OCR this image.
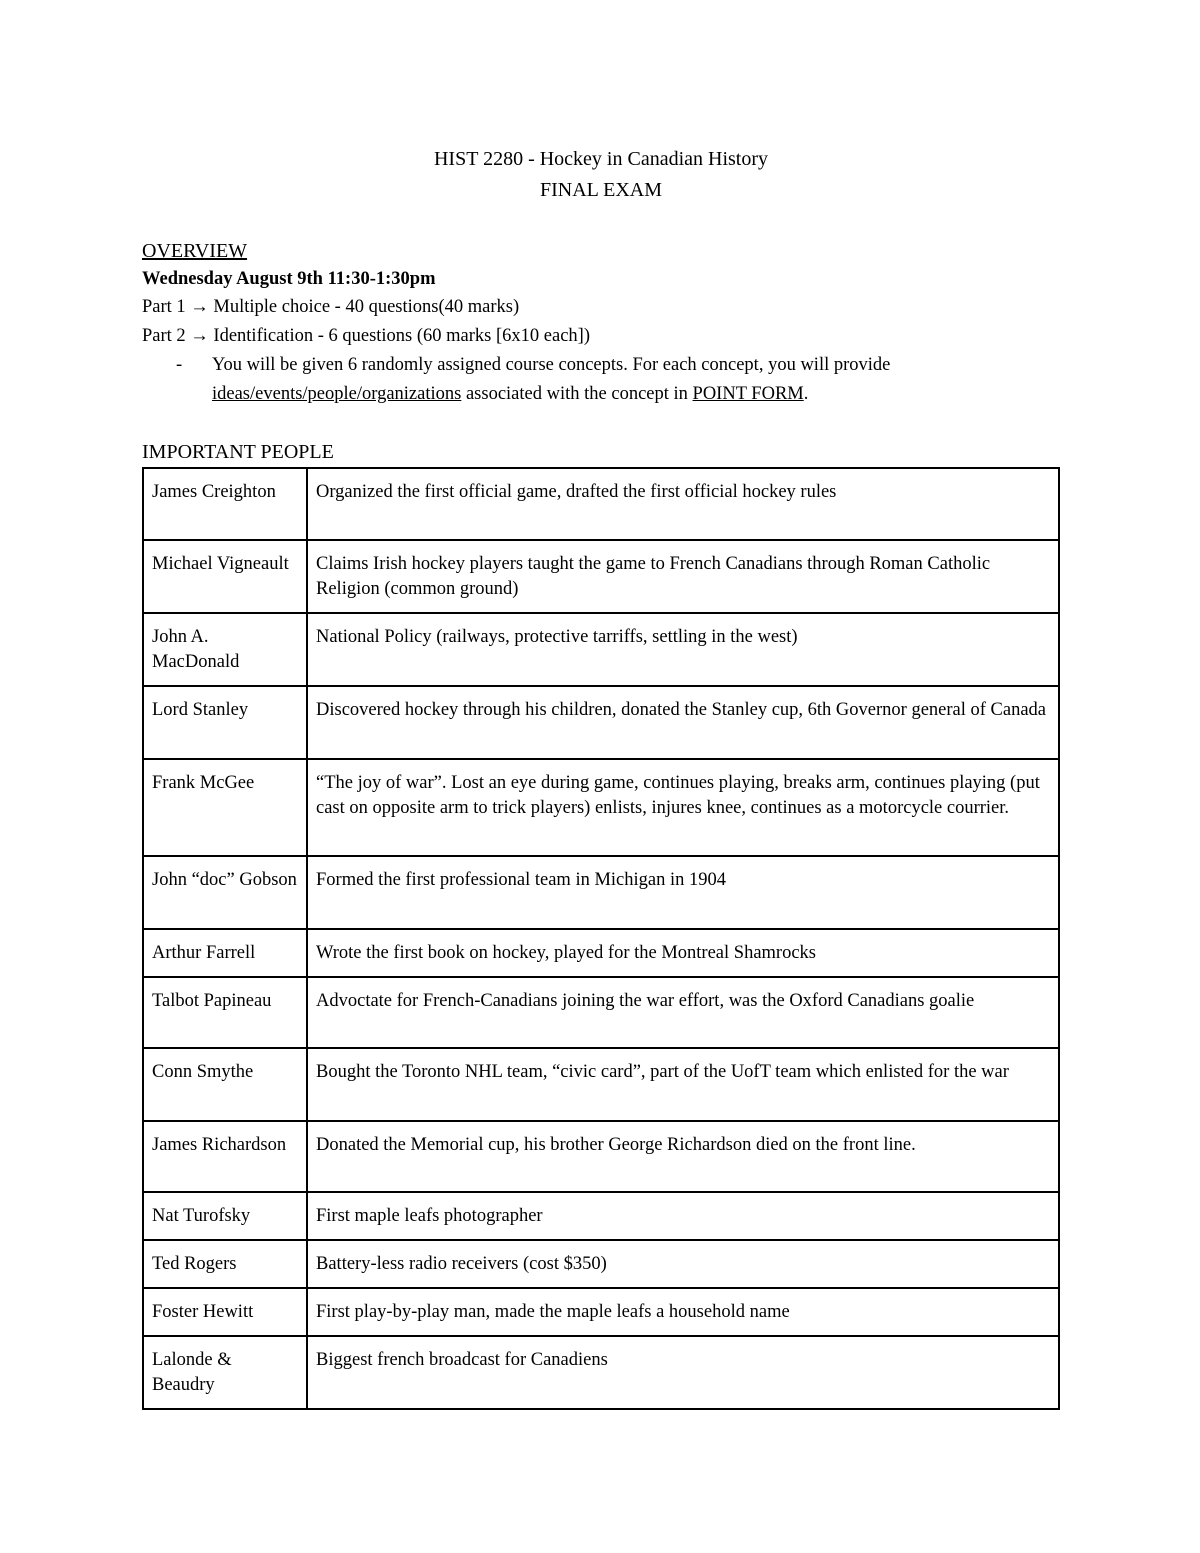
HIST 2280 - Hockey in Canadian History
FINAL EXAM
OVERVIEW
Wednesday August 9th 11:30-1:30pm
Part 1 → Multiple choice - 40 questions(40 marks)
Part 2 → Identification - 6 questions (60 marks [6x10 each])
- You will be given 6 randomly assigned course concepts. For each concept, you will provide ideas/events/people/organizations associated with the concept in POINT FORM.
IMPORTANT PEOPLE
James Creighton	Organized the first official game, drafted the first official hockey rules
Michael Vigneault	Claims Irish hockey players taught the game to French Canadians through Roman Catholic Religion (common ground)
John A. MacDonald	National Policy (railways, protective tarriffs, settling in the west)
Lord Stanley	Discovered hockey through his children, donated the Stanley cup, 6th Governor general of Canada
Frank McGee	“The joy of war”. Lost an eye during game, continues playing, breaks arm, continues playing (put cast on opposite arm to trick players) enlists, injures knee, continues as a motorcycle courrier.
John “doc” Gobson	Formed the first professional team in Michigan in 1904
Arthur Farrell	Wrote the first book on hockey, played for the Montreal Shamrocks
Talbot Papineau	Advoctate for French-Canadians joining the war effort, was the Oxford Canadians goalie
Conn Smythe	Bought the Toronto NHL team, “civic card”, part of the UofT team which enlisted for the war
James Richardson	Donated the Memorial cup, his brother George Richardson died on the front line.
Nat Turofsky	First maple leafs photographer
Ted Rogers	Battery-less radio receivers (cost $350)
Foster Hewitt	First play-by-play man, made the maple leafs a household name
Lalonde & Beaudry	Biggest french broadcast for Canadiens
